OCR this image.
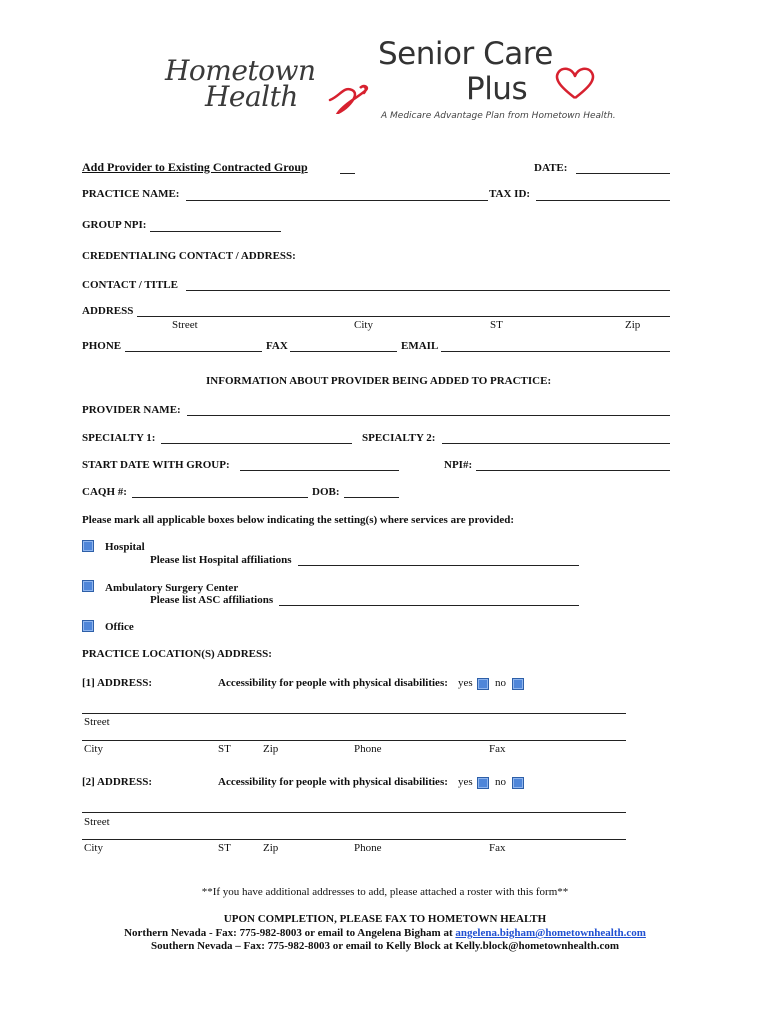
Hometown
Health
Senior Care
Plus
A Medicare Advantage Plan from Hometown Health.
Add Provider to Existing Contracted Group	DATE:
PRACTICE NAME:	TAX ID:
GROUP NPI:
CREDENTIALING CONTACT / ADDRESS:
CONTACT / TITLE
ADDRESS
Street	City	ST	Zip
PHONE	FAX	EMAIL
INFORMATION ABOUT PROVIDER BEING ADDED TO PRACTICE:
PROVIDER NAME:
SPECIALTY 1:	SPECIALTY 2:
START DATE WITH GROUP:	NPI#:
CAQH #:	DOB:
Please mark all applicable boxes below indicating the setting(s) where services are provided:
Hospital
Please list Hospital affiliations
Ambulatory Surgery Center
Please list ASC affiliations
Office
PRACTICE LOCATION(S) ADDRESS:
[1] ADDRESS:	Accessibility for people with physical disabilities: yes no
Street
City	ST	Zip	Phone	Fax
[2] ADDRESS:	Accessibility for people with physical disabilities: yes no
Street
City	ST	Zip	Phone	Fax
**If you have additional addresses to add, please attached a roster with this form**
UPON COMPLETION, PLEASE FAX TO HOMETOWN HEALTH
Northern Nevada - Fax: 775-982-8003 or email to Angelena Bigham at angelena.bigham@hometownhealth.com
Southern Nevada – Fax: 775-982-8003 or email to Kelly Block at Kelly.block@hometownhealth.com
